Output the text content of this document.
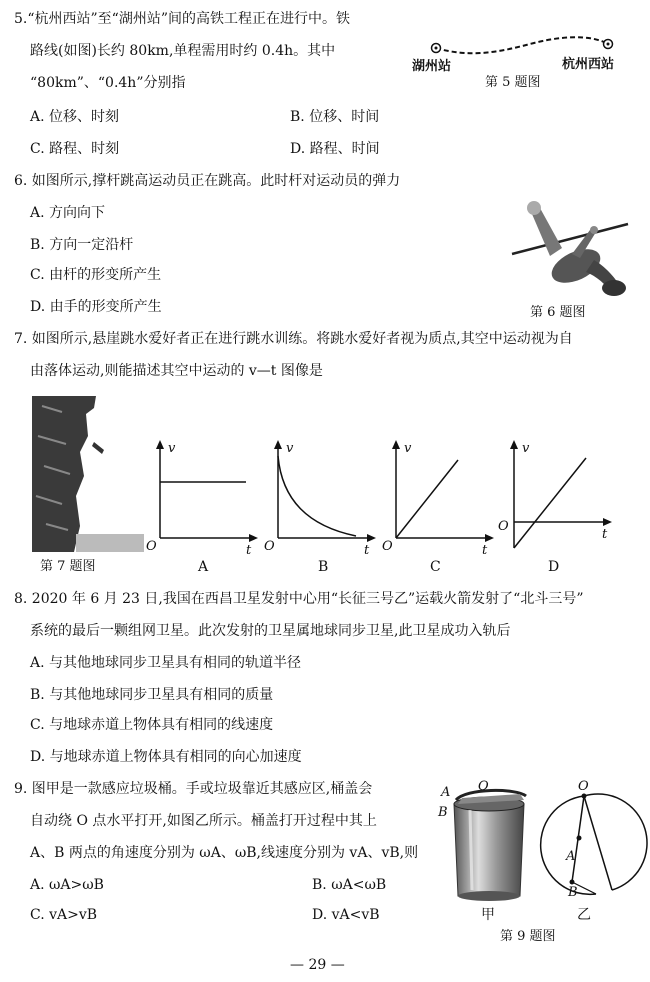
5.“杭州西站”至“湖州站”间的高铁工程正在进行中。铁
路线(如图)长约 80km,单程需用时约 0.4h。其中
“80km”、“0.4h”分别指
湖州站	杭州西站
第 5 题图
A. 位移、时刻	B. 位移、时间
C. 路程、时刻	D. 路程、时间
6. 如图所示,撑杆跳高运动员正在跳高。此时杆对运动员的弹力
A. 方向向下
B. 方向一定沿杆
C. 由杆的形变所产生
D. 由手的形变所产生	第 6 题图
7. 如图所示,悬崖跳水爱好者正在进行跳水训练。将跳水爱好者视为质点,其空中运动视为自
由落体运动,则能描述其空中运动的 v—t 图像是
第 7 题图
v
t
O
A
v
t
O
B
v
t
O
C
v
t
O
D
8. 2020 年 6 月 23 日,我国在西昌卫星发射中心用“长征三号乙”运载火箭发射了“北斗三号”
系统的最后一颗组网卫星。此次发射的卫星属地球同步卫星,此卫星成功入轨后
A. 与其他地球同步卫星具有相同的轨道半径
B. 与其他地球同步卫星具有相同的质量
C. 与地球赤道上物体具有相同的线速度
D. 与地球赤道上物体具有相同的向心加速度
9. 图甲是一款感应垃圾桶。手或垃圾靠近其感应区,桶盖会
自动绕 O 点水平打开,如图乙所示。桶盖打开过程中其上
A、B 两点的角速度分别为 ωA、ωB,线速度分别为 vA、vB,则
A. ωA>ωB	B. ωA<ωB
C. vA>vB	D. vA<vB
A O
B
甲
O
A
B
乙
第 9 题图
— 29 —
